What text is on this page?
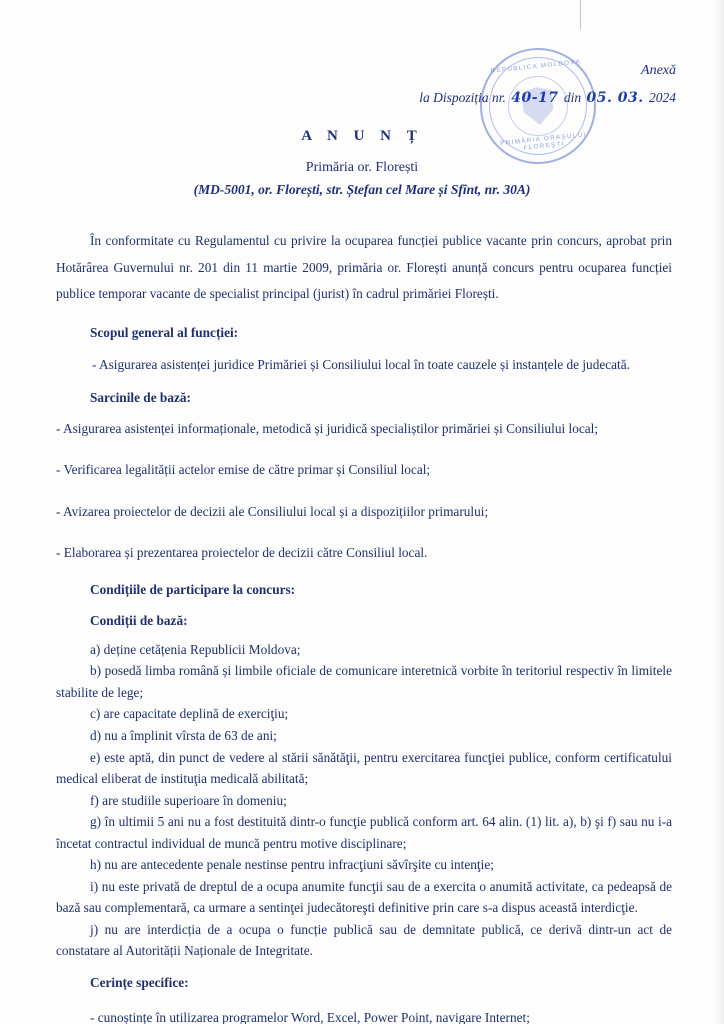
REPUBLICA MOLDOVA
PRIMĂRIA ORAȘULUI FLOREȘTI
Anexă
la Dispoziția nr. 40-17 din 05. 03. 2024
A N U N Ț
Primăria or. Florești
(MD-5001, or. Florești, str. Ștefan cel Mare și Sfînt, nr. 30A)

În conformitate cu Regulamentul cu privire la ocuparea funcției publice vacante prin concurs, aprobat prin Hotărârea Guvernului nr. 201 din 11 martie 2009, primăria or. Florești anunță concurs pentru ocuparea funcției publice temporar vacante de specialist principal (jurist) în cadrul primăriei Florești.

Scopul general al funcției:

- Asigurarea asistenței juridice Primăriei și Consiliului local în toate cauzele și instanțele de judecată.

Sarcinile de bază:

- Asigurarea asistenței informaționale, metodică și juridică specialiștilor primăriei și Consiliului local;

- Verificarea legalității actelor emise de către primar și Consiliul local;

- Avizarea proiectelor de decizii ale Consiliului local și a dispozițiilor primarului;

- Elaborarea și prezentarea proiectelor de decizii către Consiliul local.

Condițiile de participare la concurs:

Condiții de bază:

a) deține cetățenia Republicii Moldova;
b) posedă limba română și limbile oficiale de comunicare interetnică vorbite în teritoriul respectiv în limitele stabilite de lege;
c) are capacitate deplină de exerciţiu;
d) nu a împlinit vîrsta de 63 de ani;
e) este aptă, din punct de vedere al stării sănătăţii, pentru exercitarea funcţiei publice, conform certificatului medical eliberat de instituţia medicală abilitată;
f) are studiile superioare în domeniu;
g) în ultimii 5 ani nu a fost destituită dintr-o funcţie publică conform art. 64 alin. (1) lit. a), b) şi f) sau nu i-a încetat contractul individual de muncă pentru motive disciplinare;
h) nu are antecedente penale nestinse pentru infracţiuni săvîrşite cu intenţie;
i) nu este privată de dreptul de a ocupa anumite funcţii sau de a exercita o anumită activitate, ca pedeapsă de bază sau complementară, ca urmare a sentinţei judecătoreşti definitive prin care s-a dispus această interdicţie.
j) nu are interdicția de a ocupa o funcție publică sau de demnitate publică, ce derivă dintr-un act de constatare al Autorității Naționale de Integritate.

Cerințe specifice:

- cunoștințe în utilizarea programelor Word, Excel, Power Point, navigare Internet;
